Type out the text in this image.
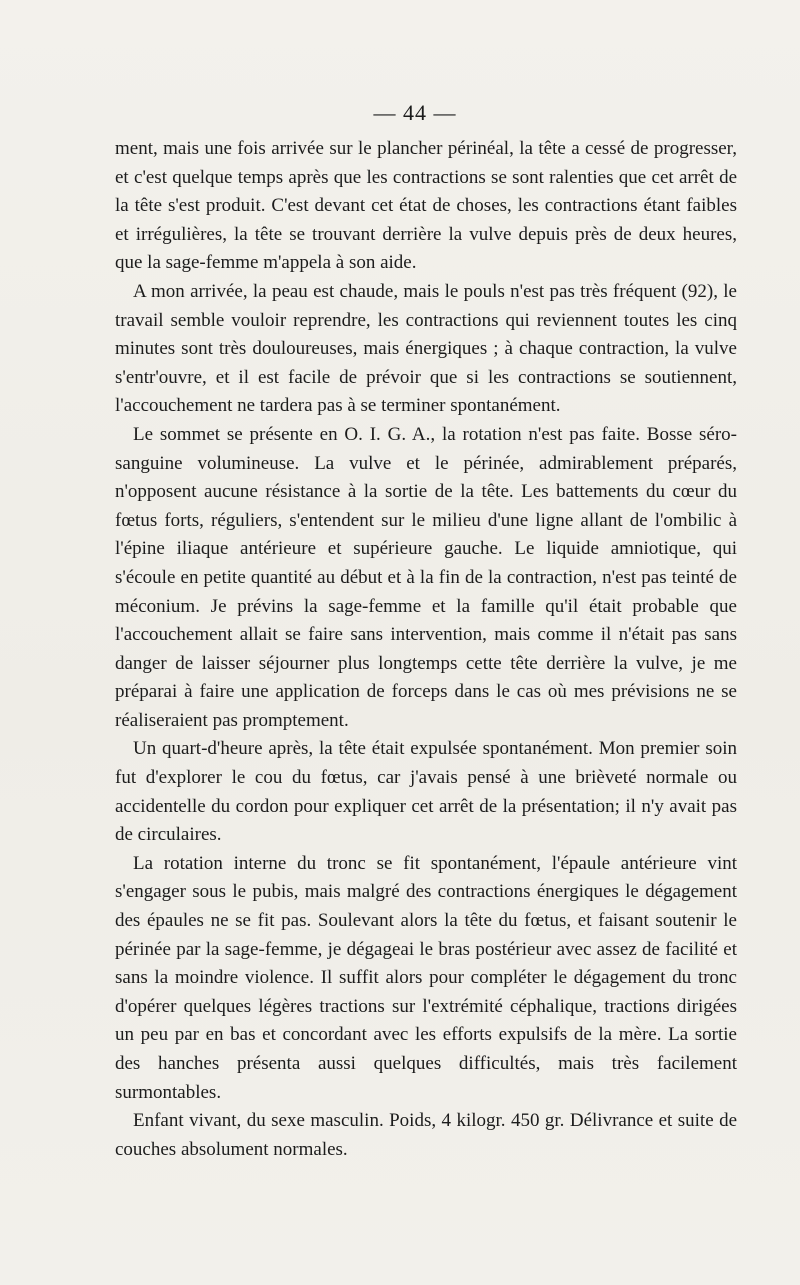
— 44 —

ment, mais une fois arrivée sur le plancher périnéal, la tête a cessé de progresser, et c'est quelque temps après que les contractions se sont ralenties que cet arrêt de la tête s'est produit. C'est devant cet état de choses, les contractions étant faibles et irrégulières, la tête se trouvant derrière la vulve depuis près de deux heures, que la sage-femme m'appela à son aide.

A mon arrivée, la peau est chaude, mais le pouls n'est pas très fréquent (92), le travail semble vouloir reprendre, les contractions qui reviennent toutes les cinq minutes sont très douloureuses, mais énergiques ; à chaque contraction, la vulve s'entr'ouvre, et il est facile de prévoir que si les contractions se soutiennent, l'accouchement ne tardera pas à se terminer spontanément.

Le sommet se présente en O. I. G. A., la rotation n'est pas faite. Bosse séro-sanguine volumineuse. La vulve et le périnée, admirablement préparés, n'opposent aucune résistance à la sortie de la tête. Les battements du cœur du fœtus forts, réguliers, s'entendent sur le milieu d'une ligne allant de l'ombilic à l'épine iliaque antérieure et supérieure gauche. Le liquide amniotique, qui s'écoule en petite quantité au début et à la fin de la contraction, n'est pas teinté de méconium. Je prévins la sage-femme et la famille qu'il était probable que l'accouchement allait se faire sans intervention, mais comme il n'était pas sans danger de laisser séjourner plus longtemps cette tête derrière la vulve, je me préparai à faire une application de forceps dans le cas où mes prévisions ne se réaliseraient pas promptement.

Un quart-d'heure après, la tête était expulsée spontanément. Mon premier soin fut d'explorer le cou du fœtus, car j'avais pensé à une brièveté normale ou accidentelle du cordon pour expliquer cet arrêt de la présentation; il n'y avait pas de circulaires.

La rotation interne du tronc se fit spontanément, l'épaule antérieure vint s'engager sous le pubis, mais malgré des contractions énergiques le dégagement des épaules ne se fit pas. Soulevant alors la tête du fœtus, et faisant soutenir le périnée par la sage-femme, je dégageai le bras postérieur avec assez de facilité et sans la moindre violence. Il suffit alors pour compléter le dégagement du tronc d'opérer quelques légères tractions sur l'extrémité céphalique, tractions dirigées un peu par en bas et concordant avec les efforts expulsifs de la mère. La sortie des hanches présenta aussi quelques difficultés, mais très facilement surmontables.

Enfant vivant, du sexe masculin. Poids, 4 kilogr. 450 gr. Délivrance et suite de couches absolument normales.
